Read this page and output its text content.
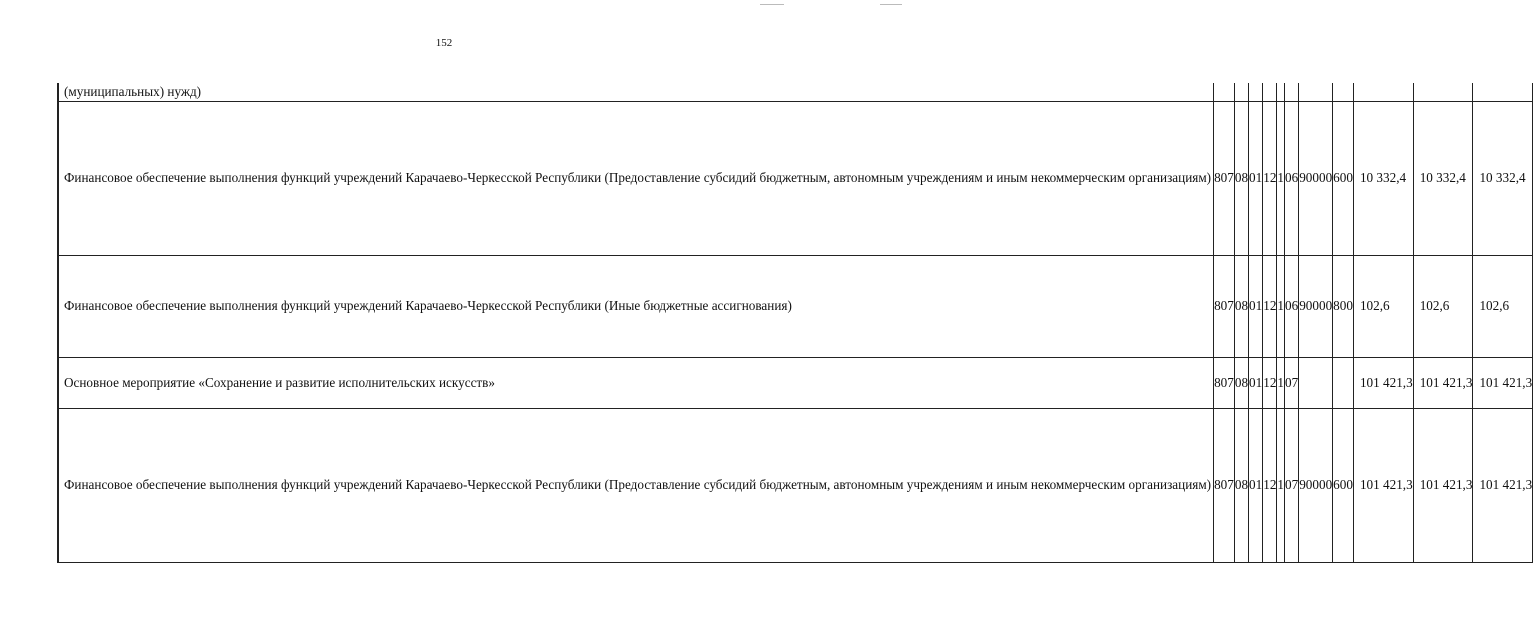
152
	(муниципальных) нужд)											
	Финансовое обеспечение выполнения функций учреждений Карачаево-Черкесской Республики (Предоставление субсидий бюджетным, автономным учреждениям и иным некоммерческим организациям)	807	08	01	12	1	06	90000	600	10 332,4	10 332,4	10 332,4
	Финансовое обеспечение выполнения функций учреждений Карачаево-Черкесской Республики (Иные бюджетные ассигнования)	807	08	01	12	1	06	90000	800	102,6	102,6	102,6
	Основное мероприятие «Сохранение и развитие исполнительских искусств»	807	08	01	12	1	07			101 421,3	101 421,3	101 421,3
	Финансовое обеспечение выполнения функций учреждений Карачаево-Черкесской Республики (Предоставление субсидий бюджетным, автономным учреждениям и иным некоммерческим организациям)	807	08	01	12	1	07	90000	600	101 421,3	101 421,3	101 421,3
